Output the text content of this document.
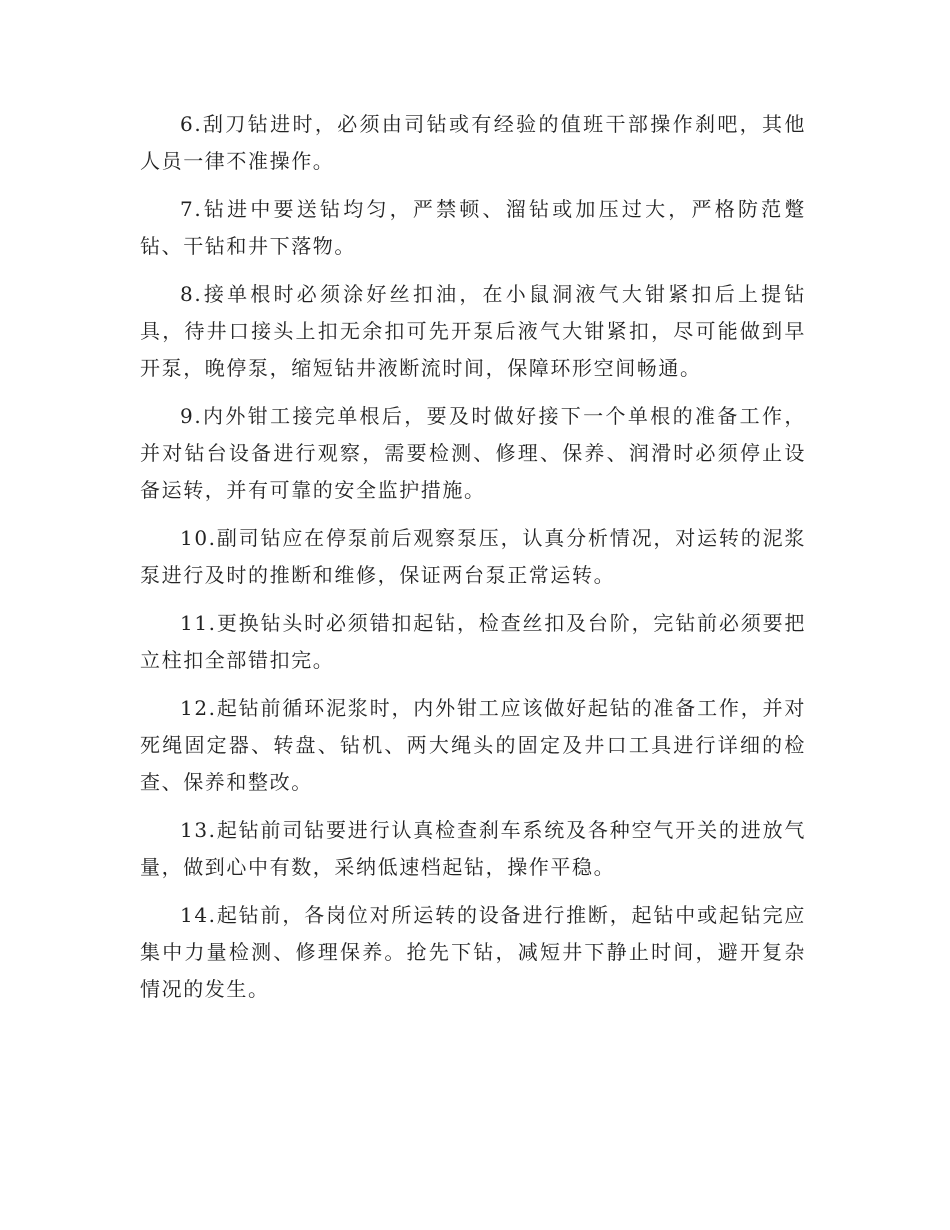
6.刮刀钻进时，必须由司钻或有经验的值班干部操作刹吧，其他人员一律不准操作。

7.钻进中要送钻均匀，严禁顿、溜钻或加压过大，严格防范蹩钻、干钻和井下落物。

8.接单根时必须涂好丝扣油，在小鼠洞液气大钳紧扣后上提钻具，待井口接头上扣无余扣可先开泵后液气大钳紧扣，尽可能做到早开泵，晚停泵，缩短钻井液断流时间，保障环形空间畅通。

9.内外钳工接完单根后，要及时做好接下一个单根的准备工作，并对钻台设备进行观察，需要检测、修理、保养、润滑时必须停止设备运转，并有可靠的安全监护措施。

10.副司钻应在停泵前后观察泵压，认真分析情况，对运转的泥浆泵进行及时的推断和维修，保证两台泵正常运转。

11.更换钻头时必须错扣起钻，检查丝扣及台阶，完钻前必须要把立柱扣全部错扣完。

12.起钻前循环泥浆时，内外钳工应该做好起钻的准备工作，并对死绳固定器、转盘、钻机、两大绳头的固定及井口工具进行详细的检查、保养和整改。

13.起钻前司钻要进行认真检查刹车系统及各种空气开关的进放气量，做到心中有数，采纳低速档起钻，操作平稳。

14.起钻前，各岗位对所运转的设备进行推断，起钻中或起钻完应集中力量检测、修理保养。抢先下钻，减短井下静止时间，避开复杂情况的发生。
